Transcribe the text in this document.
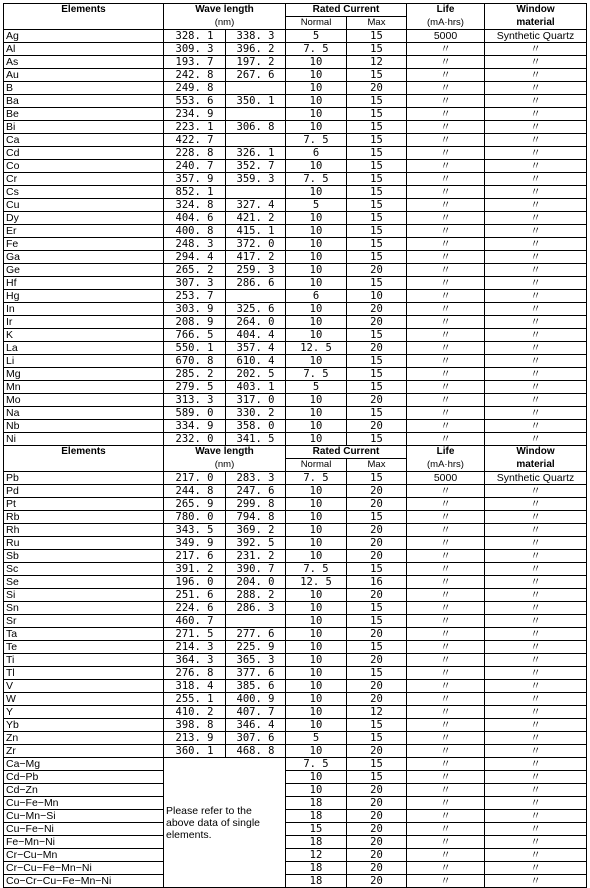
Elements	Wave length		Rated Current		Life	Window
	(nm)		Normal	Max	(mA·hrs)	material
Ag	328. 1	338. 3	5	15	5000	Synthetic Quartz
Al	309. 3	396. 2	7. 5	15	〃	〃
As	193. 7	197. 2	10	12	〃	〃
Au	242. 8	267. 6	10	15	〃	〃
B	249. 8		10	20	〃	〃
Ba	553. 6	350. 1	10	15	〃	〃
Be	234. 9		10	15	〃	〃
Bi	223. 1	306. 8	10	15	〃	〃
Ca	422. 7		7. 5	15	〃	〃
Cd	228. 8	326. 1	6	15	〃	〃
Co	240. 7	352. 7	10	15	〃	〃
Cr	357. 9	359. 3	7. 5	15	〃	〃
Cs	852. 1		10	15	〃	〃
Cu	324. 8	327. 4	5	15	〃	〃
Dy	404. 6	421. 2	10	15	〃	〃
Er	400. 8	415. 1	10	15	〃	〃
Fe	248. 3	372. 0	10	15	〃	〃
Ga	294. 4	417. 2	10	15	〃	〃
Ge	265. 2	259. 3	10	20	〃	〃
Hf	307. 3	286. 6	10	15	〃	〃
Hg	253. 7		6	10	〃	〃
In	303. 9	325. 6	10	20	〃	〃
Ir	208. 9	264. 0	10	20	〃	〃
K	766. 5	404. 4	10	15	〃	〃
La	550. 1	357. 4	12. 5	20	〃	〃
Li	670. 8	610. 4	10	15	〃	〃
Mg	285. 2	202. 5	7. 5	15	〃	〃
Mn	279. 5	403. 1	5	15	〃	〃
Mo	313. 3	317. 0	10	20	〃	〃
Na	589. 0	330. 2	10	15	〃	〃
Nb	334. 9	358. 0	10	20	〃	〃
Ni	232. 0	341. 5	10	15	〃	〃
Elements	Wave length		Rated Current		Life	Window
	(nm)		Normal	Max	(mA·hrs)	material
Pb	217. 0	283. 3	7. 5	15	5000	Synthetic Quartz
Pd	244. 8	247. 6	10	20	〃	〃
Pt	265. 9	299. 8	10	20	〃	〃
Rb	780. 0	794. 8	10	15	〃	〃
Rh	343. 5	369. 2	10	20	〃	〃
Ru	349. 9	392. 5	10	20	〃	〃
Sb	217. 6	231. 2	10	20	〃	〃
Sc	391. 2	390. 7	7. 5	15	〃	〃
Se	196. 0	204. 0	12. 5	16	〃	〃
Si	251. 6	288. 2	10	20	〃	〃
Sn	224. 6	286. 3	10	15	〃	〃
Sr	460. 7		10	15	〃	〃
Ta	271. 5	277. 6	10	20	〃	〃
Te	214. 3	225. 9	10	15	〃	〃
Ti	364. 3	365. 3	10	20	〃	〃
Tl	276. 8	377. 6	10	15	〃	〃
V	318. 4	385. 6	10	20	〃	〃
W	255. 1	400. 9	10	20	〃	〃
Y	410. 2	407. 7	10	12	〃	〃
Yb	398. 8	346. 4	10	15	〃	〃
Zn	213. 9	307. 6	5	15	〃	〃
Zr	360. 1	468. 8	10	20	〃	〃
Ca−Mg	Please refer to the above data of single elements.		7. 5	15	〃	〃
Cd−Pb			10	15	〃	〃
Cd−Zn			10	20	〃	〃
Cu−Fe−Mn			18	20	〃	〃
Cu−Mn−Si			18	20	〃	〃
Cu−Fe−Ni			15	20	〃	〃
Fe−Mn−Ni			18	20	〃	〃
Cr−Cu−Mn			12	20	〃	〃
Cr−Cu−Fe−Mn−Ni			18	20	〃	〃
Co−Cr−Cu−Fe−Mn−Ni			18	20	〃	〃
